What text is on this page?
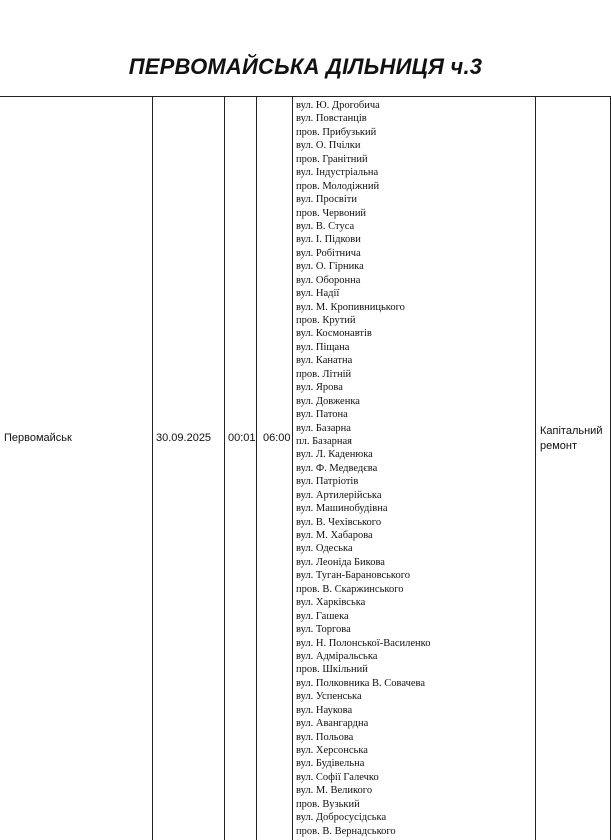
ПЕРВОМАЙСЬКА ДІЛЬНИЦЯ ч.3
Первомайськ	30.09.2025 00:01 06:00
Капітальний
ремонт
вул. Ю. Дрогобича
вул. Повстанців
пров. Прибузький
вул. О. Пчілки
пров. Гранітний
вул. Індустріальна
пров. Молодіжний
вул. Просвіти
пров. Червоний
вул. В. Стуса
вул. І. Підкови
вул. Робітнича
вул. О. Гірника
вул. Оборонна
вул. Надії
вул. М. Кропивницького
пров. Крутий
вул. Космонавтів
вул. Піщана
вул. Канатна
пров. Літній
вул. Ярова
вул. Довженка
вул. Патона
вул. Базарна
пл. Базарная
вул. Л. Каденюка
вул. Ф. Медведєва
вул. Патріотів
вул. Артилерійська
вул. Машинобудівна
вул. В. Чехівського
вул. М. Хабарова
вул. Одеська
вул. Леоніда Бикова
вул. Туган-Барановського
пров. В. Скаржинського
вул. Харківська
вул. Гашека
вул. Торгова
вул. Н. Полонської-Василенко
вул. Адміральська
пров. Шкільний
вул. Полковника В. Совачева
вул. Успенська
вул. Наукова
вул. Авангардна
вул. Польова
вул. Херсонська
вул. Будівельна
вул. Софії Галечко
вул. М. Великого
пров. Вузький
вул. Добросусідська
пров. В. Вернадського
